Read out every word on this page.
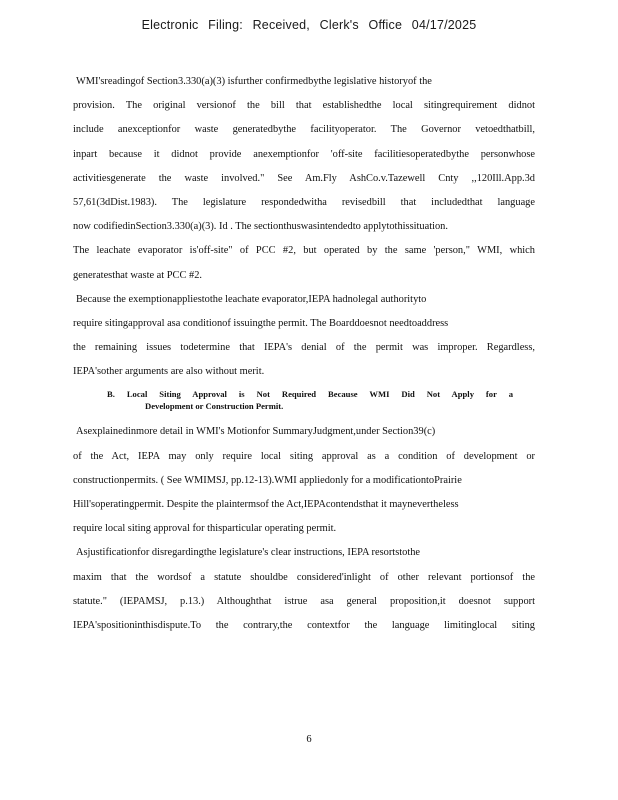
Electronic Filing: Received, Clerk's Office 04/17/2025
WMI'sreadingof Section3.330(a)(3) isfurther confirmedbythe legislative historyof the
provision. The original versionof the bill that establishedthe local sitingrequirement didnot
include anexceptionfor waste generatedbythe facilityoperator. The Governor vetoedthatbill,
inpart because it didnot provide anexemptionfor 'off-site facilitiesoperatedbythe personwhose
activitiesgenerate the waste involved." See Am.Fly AshCo.v.Tazewell Cnty ,,120Ill.App.3d
57,61(3dDist.1983). The legislature respondedwitha revisedbill that includedthat language
now codifiedinSection3.330(a)(3). Id . The sectionthuswasintendedto applytothissituation.
The leachate evaporator is'off-site" of PCC #2, but operated by the same 'person," WMI, which
generatesthat waste at PCC #2.
Because the exemptionappliestothe leachate evaporator,IEPA hadnolegal authorityto
require sitingapproval asa conditionof issuingthe permit. The Boarddoesnot needtoaddress
the remaining issues todetermine that IEPA's denial of the permit was improper. Regardless,
IEPA'sother arguments are also without merit.
B. Local Siting Approval is Not Required Because WMI Did Not Apply for a
Development or Construction Permit.
Asexplainedinmore detail in WMI's Motionfor SummaryJudgment,under Section39(c)
of the Act, IEPA may only require local siting approval as a condition of development or
constructionpermits. ( See WMIMSJ, pp.12-13).WMI appliedonly for a modificationtoPrairie
Hill'soperatingpermit. Despite the plaintermsof the Act,IEPAcontendsthat it maynevertheless
require local siting approval for thisparticular operating permit.
Asjustificationfor disregardingthe legislature's clear instructions, IEPA resortstothe
maxim that the wordsof a statute shouldbe considered'inlight of other relevant portionsof the
statute." (IEPAMSJ, p.13.) Althoughthat istrue asa general proposition,it doesnot support
IEPA'spositioninthisdispute.To the contrary,the contextfor the language limitinglocal siting
6
